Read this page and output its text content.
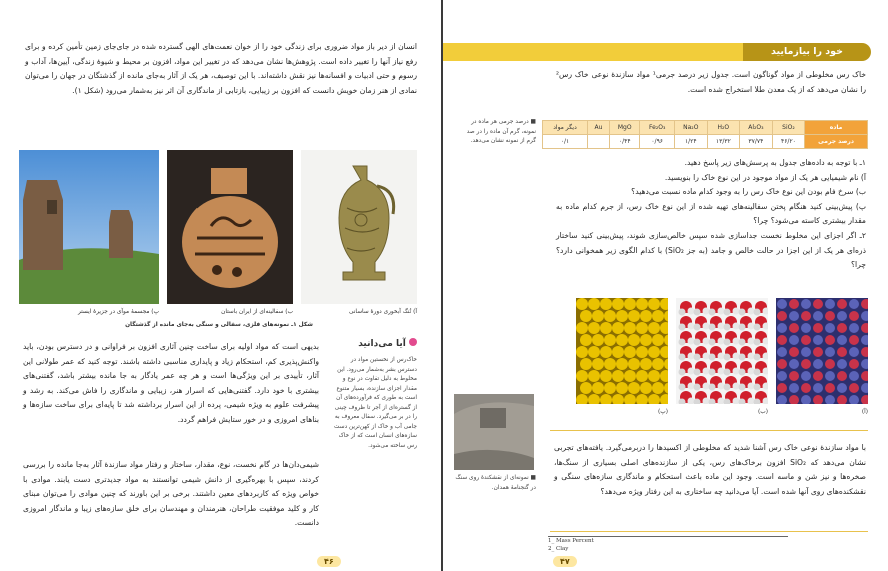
انسان از دیر باز مواد ضروری برای زندگی خود را از خوان نعمت‌های الهی گسترده شده در جای‌جای زمین تأمین کرده و برای رفع نیاز آنها را تغییر داده است. پژوهش‌ها نشان می‌دهد که در تغییر این مواد، افزون بر محیط و شیوهٔ زندگی، آیین‌ها، آداب و رسوم و حتی ادبیات و افسانه‌ها نیز نقش داشته‌اند. با این توصیف، هر یک از آثار به‌جای مانده از گذشتگان در جهان را می‌توان نمادی از هنر زمان خویش دانست که افزون بر زیبایی، بازتابی از ماندگاری آن اثر نیز به‌شمار می‌رود (شکل ۱).
آ) تُنگ آبخوری دورهٔ ساسانی
ب) سفالینه‌ای از ایران باستان
پ) مجسمهٔ موآی در جزیرهٔ ایستر
شکل ۱ـ نمونه‌های فلزی، سفالی و سنگی به‌جای مانده از گذشتگان
آیا می‌دانید
خاک‌رس از نخستین مواد در دسترس بشر به‌شمار می‌رود. این مخلوط به دلیل تفاوت در نوع و مقدار اجزای سازنده، بسیار متنوع است به طوری که فرآورده‌های آن از گستره‌ای از آجر تا ظروف چینی را در بر می‌گیرد. سفال معروف به جامی آب و خاک از کهن‌ترین دست سازه‌های انسان است که از خاک رس ساخته می‌شود.
بدیهی است که مواد اولیه برای ساخت چنین آثاری افزون بر فراوانی و در دسترس بودن، باید واکنش‌پذیری کم، استحکام زیاد و پایداری مناسبی داشته باشند. توجه کنید که عمر طولانی این آثار، تأییدی بر این ویژگی‌ها است و هر چه عمر یادگار به جا مانده بیشتر باشد، گفتنی‌های بیشتری با خود دارد. گفتنی‌هایی که اسرار هنر، زیبایی و ماندگاری را فاش می‌کند. به رشد و پیشرفت علوم به ویژه شیمی، پرده از این اسرار برداشته شد تا پایه‌ای برای ساخت سازه‌ها و بناهای امروزی و در خور ستایش فراهم گردد.
شیمی‌دان‌ها در گام نخست، نوع، مقدار، ساختار و رفتار مواد سازندهٔ آثار به‌جا مانده را بررسی کردند، سپس با بهره‌گیری از دانش شیمی توانستند به مواد جدیدتری دست یابند. موادی با خواص ویژه که کاربردهای معین داشتند. برخی بر این باورند که چنین موادی را می‌توان مبنای کار و کلید موفقیت طراحان، هنرمندان و مهندسان برای خلق سازه‌های زیبا و ماندگار امروزی دانست.
۴۶
خود را بیازمایید
خاک رس مخلوطی از مواد گوناگون است. جدول زیر درصد جرمی¹ مواد سازندهٔ نوعی خاک رس² را نشان می‌دهد که از یک معدن طلا استخراج شده است.
ماده	SiO₂	Al₂O₃	H₂O	Na₂O	Fe₂O₃	MgO	Au	دیگر مواد
درصد جرمی	۴۶/۲۰	۳۷/۷۴	۱۳/۳۲	۱/۲۴	۰/۹۶	۰/۴۴		۰/۱
■ درصد جرمی هر ماده در نمونه، گرم آن ماده را در صد گرم از نمونه نشان می‌دهد.
۱ـ با توجه به داده‌های جدول به پرسش‌های زیر پاسخ دهید.
آ) نام شیمیایی هر یک از مواد موجود در این نوع خاک را بنویسید.
ب) سرخ فام بودن این نوع خاک رس را به وجود کدام ماده نسبت می‌دهید؟
پ) پیش‌بینی کنید هنگام پختن سفالینه‌های تهیه شده از این نوع خاک رس، از جرم کدام ماده به مقدار بیشتری کاسته می‌شود؟ چرا؟
۲ـ اگر اجزای این مخلوط نخست جداسازی شده سپس خالص‌سازی شوند، پیش‌بینی کنید ساختار ذره‌ای هر یک از این اجزا در حالت خالص و جامد (به جز SiO₂) با کدام الگوی زیر همخوانی دارد؟ چرا؟
(آ)
(ب)
(پ)
■ نمونه‌ای از نقشکندهٔ روی سنگ در گنجنامهٔ همدان.
با مواد سازندهٔ نوعی خاک رس آشنا شدید که مخلوطی از اکسیدها را دربرمی‌گیرد. یافته‌های تجربی نشان می‌دهد که SiO₂ افزون برخاک‌های رس، یکی از سازنده‌های اصلی بسیاری از سنگ‌ها، صخره‌ها و نیز شن و ماسه است. وجود این ماده باعث استحکام و ماندگاری سازه‌های سنگی و نقشکنده‌های روی آنها شده است. آیا می‌دانید چه ساختاری به این رفتار ویژه می‌دهد؟
1_ Mass Percent
2_ Clay
۴۷
